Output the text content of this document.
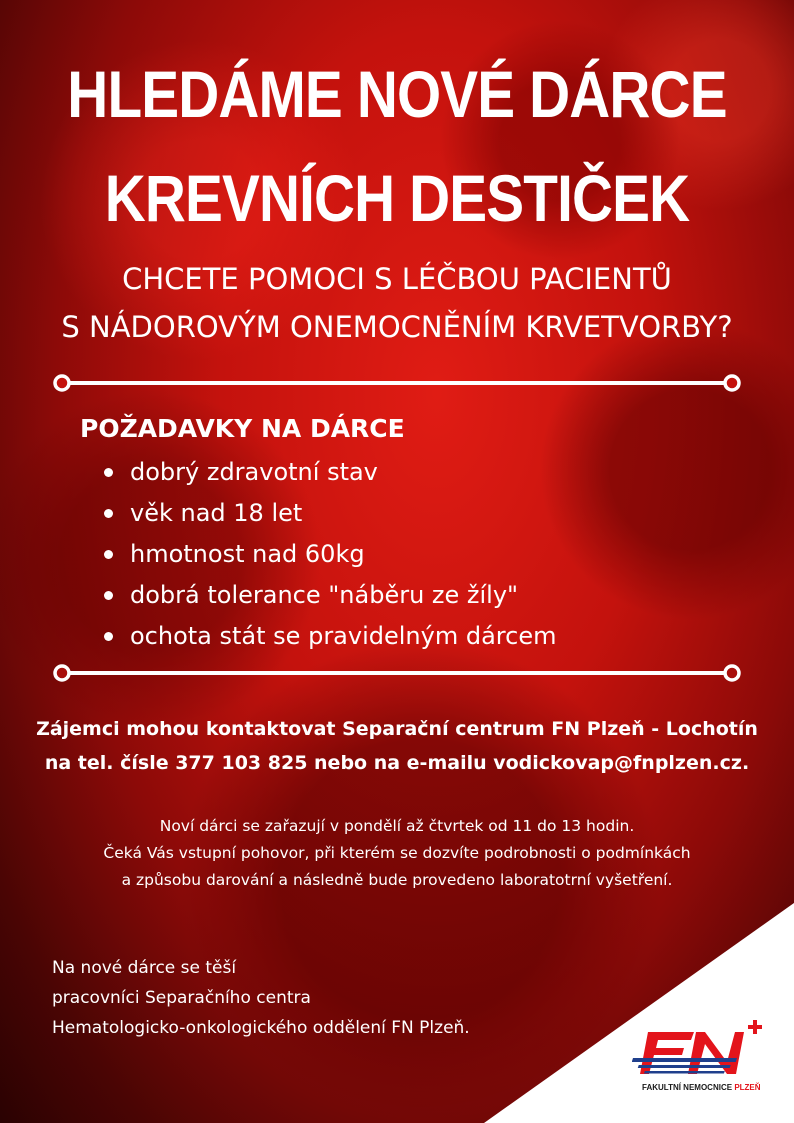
HLEDÁME NOVÉ DÁRCE
KREVNÍCH DESTIČEK

CHCETE POMOCI S LÉČBOU PACIENTŮ

S NÁDOROVÝM ONEMOCNĚNÍM KRVETVORBY?

POŽADAVKY NA DÁRCE
dobrý zdravotní stav
věk nad 18 let
hmotnost nad 60kg
dobrá tolerance "náběru ze žíly"
ochota stát se pravidelným dárcem

Zájemci mohou kontaktovat Separační centrum FN Plzeň - Lochotín

na tel. čísle 377 103 825 nebo na e-mailu vodickovap@fnplzen.cz.

Noví dárci se zařazují v pondělí až čtvrtek od 11 do 13 hodin.

Čeká Vás vstupní pohovor, při kterém se dozvíte podrobnosti o podmínkách

a způsobu darování a následně bude provedeno laboratotrní vyšetření.

Na nové dárce se těší

pracovníci Separačního centra

Hematologicko-onkologického oddělení FN Plzeň.

FAKULTNÍ NEMOCNICE PLZEŇ
